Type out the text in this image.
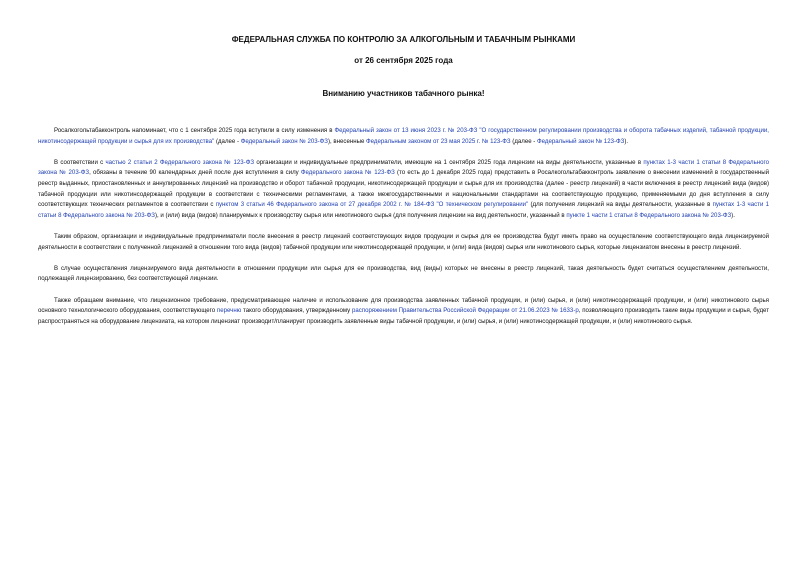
ФЕДЕРАЛЬНАЯ СЛУЖБА ПО КОНТРОЛЮ ЗА АЛКОГОЛЬНЫМ И ТАБАЧНЫМ РЫНКАМИ
от 26 сентября 2025 года
Вниманию участников табачного рынка!

Росалкогольтабакконтроль напоминает, что с 1 сентября 2025 года вступили в силу изменения в Федеральный закон от 13 июня 2023 г. № 203-ФЗ "О государственном регулировании производства и оборота табачных изделий, табачной продукции, никотинсодержащей продукции и сырья для их производства" (далее - Федеральный закон № 203-ФЗ), внесенные Федеральным законом от 23 мая 2025 г. № 123-ФЗ (далее - Федеральный закон № 123-ФЗ).

В соответствии с частью 2 статьи 2 Федерального закона № 123-ФЗ организации и индивидуальные предприниматели, имеющие на 1 сентября 2025 года лицензии на виды деятельности, указанные в пунктах 1-3 части 1 статьи 8 Федерального закона № 203-ФЗ, обязаны в течение 90 календарных дней после дня вступления в силу Федерального закона № 123-ФЗ (то есть до 1 декабря 2025 года) представить в Росалкогольтабакконтроль заявление о внесении изменений в государственный реестр выданных, приостановленных и аннулированных лицензий на производство и оборот табачной продукции, никотинсодержащей продукции и сырья для их производства (далее - реестр лицензий) в части включения в реестр лицензий вида (видов) табачной продукции или никотинсодержащей продукции в соответствии с техническими регламентами, а также межгосударственными и национальными стандартами на соответствующую продукцию, применяемыми до дня вступления в силу соответствующих технических регламентов в соответствии с пунктом 3 статьи 46 Федерального закона от 27 декабря 2002 г. № 184-ФЗ "О техническом регулировании" (для получения лицензий на виды деятельности, указанные в пунктах 1-3 части 1 статьи 8 Федерального закона № 203-ФЗ), и (или) вида (видов) планируемых к производству сырья или никотинового сырья (для получения лицензии на вид деятельности, указанный в пункте 1 части 1 статьи 8 Федерального закона № 203-ФЗ).

Таким образом, организации и индивидуальные предприниматели после внесения в реестр лицензий соответствующих видов продукции и сырья для ее производства будут иметь право на осуществление соответствующего вида лицензируемой деятельности в соответствии с полученной лицензией в отношении того вида (видов) табачной продукции или никотинсодержащей продукции, и (или) вида (видов) сырья или никотинового сырья, которые лицензиатом внесены в реестр лицензий.

В случае осуществления лицензируемого вида деятельности в отношении продукции или сырья для ее производства, вид (виды) которых не внесены в реестр лицензий, такая деятельность будет считаться осуществлением деятельности, подлежащей лицензированию, без соответствующей лицензии.

Также обращаем внимание, что лицензионное требование, предусматривающее наличие и использование для производства заявленных табачной продукции, и (или) сырья, и (или) никотинсодержащей продукции, и (или) никотинового сырья основного технологического оборудования, соответствующего перечню такого оборудования, утвержденному распоряжением Правительства Российской Федерации от 21.06.2023 № 1633-р, позволяющего производить такие виды продукции и сырья, будет распространяться на оборудование лицензиата, на котором лицензиат производит/планирует производить заявленные виды табачной продукции, и (или) сырья, и (или) никотинсодержащей продукции, и (или) никотинового сырья.
